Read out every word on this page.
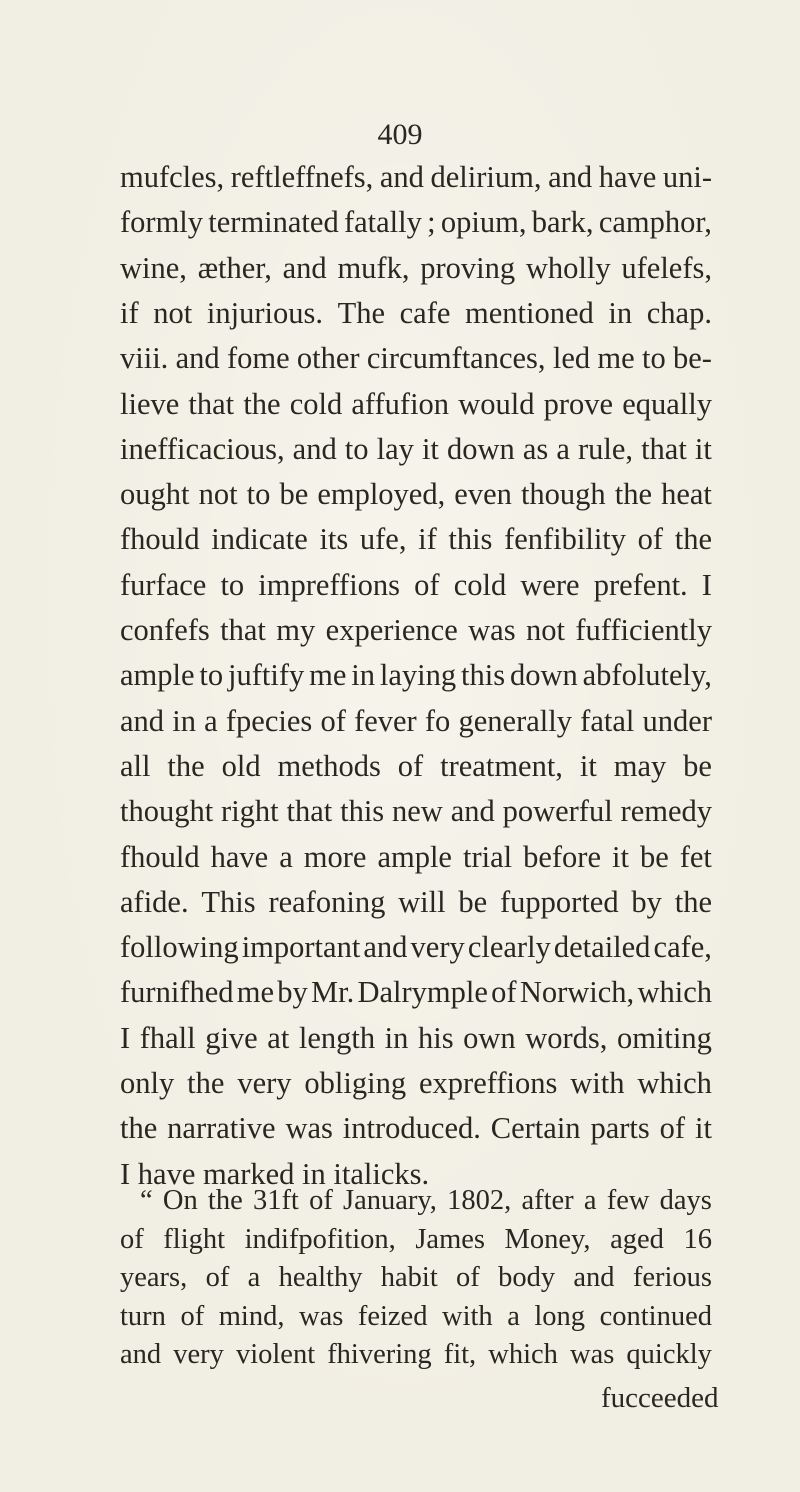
409
mufcles, reftleffnefs, and delirium, and have uni-
formly terminated fatally ; opium, bark, camphor,
wine, æther, and mufk, proving wholly ufelefs,
if not injurious. The cafe mentioned in chap.
viii. and fome other circumftances, led me to be-
lieve that the cold affufion would prove equally
inefficacious, and to lay it down as a rule, that it
ought not to be employed, even though the heat
fhould indicate its ufe, if this fenfibility of the
furface to impreffions of cold were prefent. I
confefs that my experience was not fufficiently
ample to juftify me in laying this down abfolutely,
and in a fpecies of fever fo generally fatal under
all the old methods of treatment, it may be
thought right that this new and powerful remedy
fhould have a more ample trial before it be fet
afide. This reafoning will be fupported by the
following important and very clearly detailed cafe,
furnifhed me by Mr. Dalrymple of Norwich, which
I fhall give at length in his own words, omiting
only the very obliging expreffions with which
the narrative was introduced. Certain parts of it
I have marked in italicks.
“ On the 31ft of January, 1802, after a few days
of flight indifpofition, James Money, aged 16
years, of a healthy habit of body and ferious
turn of mind, was feized with a long continued
and very violent fhivering fit, which was quickly
fucceeded
